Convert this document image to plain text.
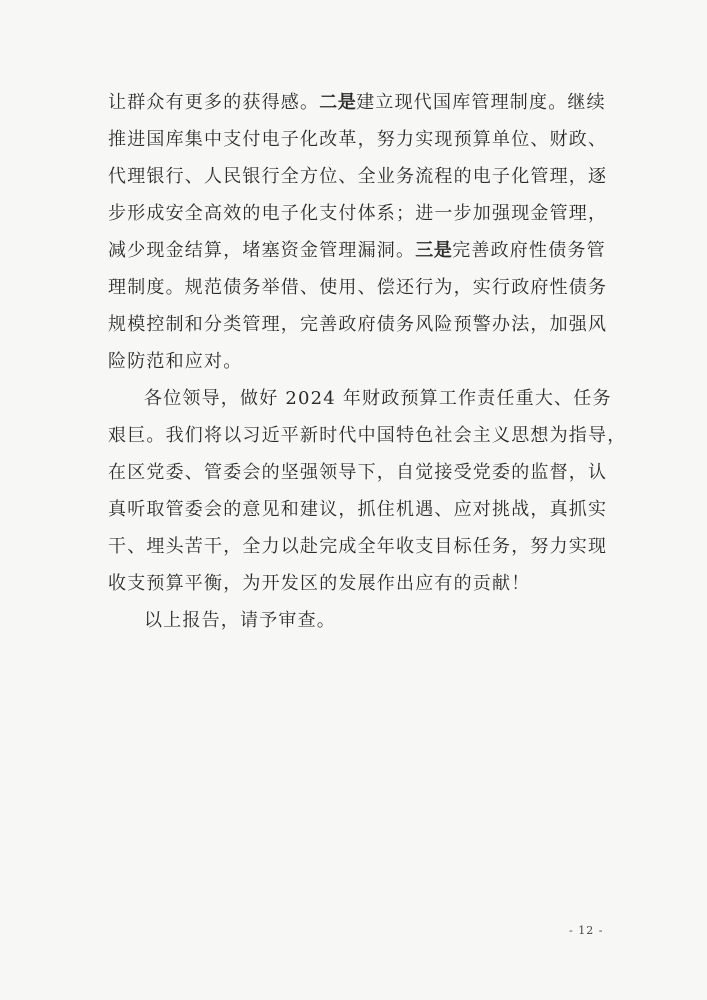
让群众有更多的获得感。二是建立现代国库管理制度。继续
推进国库集中支付电子化改革，努力实现预算单位、财政、
代理银行、人民银行全方位、全业务流程的电子化管理，逐
步形成安全高效的电子化支付体系；进一步加强现金管理，
减少现金结算，堵塞资金管理漏洞。三是完善政府性债务管
理制度。规范债务举借、使用、偿还行为，实行政府性债务
规模控制和分类管理，完善政府债务风险预警办法，加强风
险防范和应对。
各位领导，做好 2024 年财政预算工作责任重大、任务
艰巨。我们将以习近平新时代中国特色社会主义思想为指导，
在区党委、管委会的坚强领导下，自觉接受党委的监督，认
真听取管委会的意见和建议，抓住机遇、应对挑战，真抓实
干、埋头苦干，全力以赴完成全年收支目标任务，努力实现
收支预算平衡，为开发区的发展作出应有的贡献！
以上报告，请予审查。
- 12 -
